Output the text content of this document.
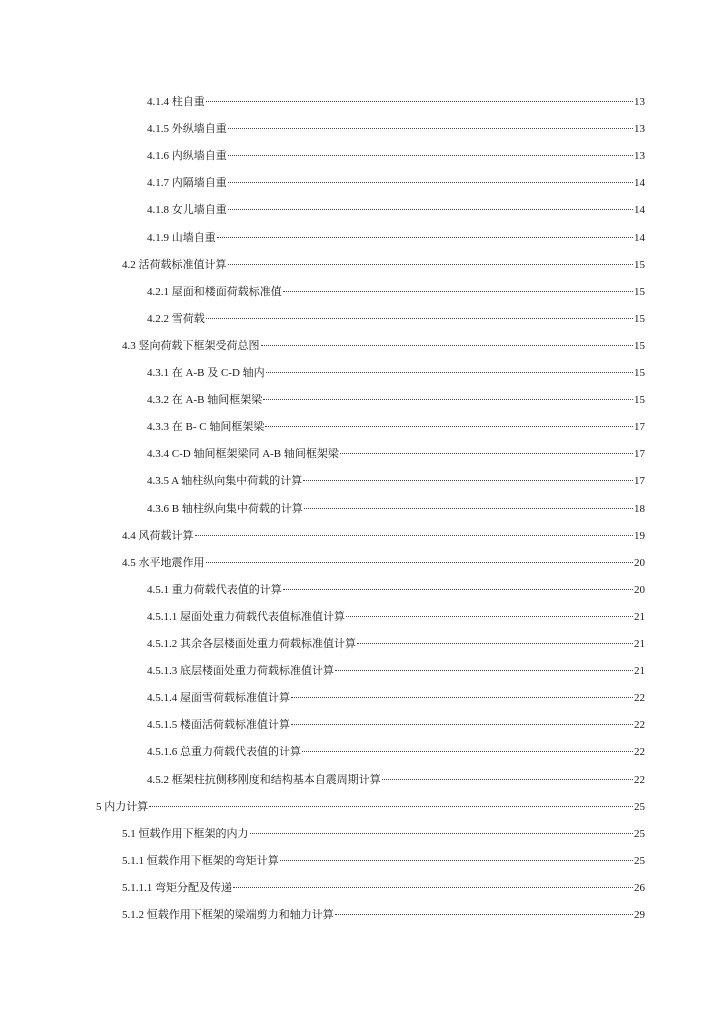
4.1.4 柱自重	13
4.1.5 外纵墙自重	13
4.1.6 内纵墙自重	13
4.1.7 内隔墙自重	14
4.1.8 女儿墙自重	14
4.1.9 山墙自重	14
4.2 活荷载标准值计算	15
4.2.1 屋面和楼面荷载标准值	15
4.2.2 雪荷载	15
4.3 竖向荷载下框架受荷总图	15
4.3.1 在 A-B 及 C-D 轴内	15
4.3.2 在 A-B 轴间框架梁	15
4.3.3 在 B- C 轴间框架梁	17
4.3.4 C-D 轴间框架梁同 A-B 轴间框架梁	17
4.3.5 A 轴柱纵向集中荷载的计算	17
4.3.6 B 轴柱纵向集中荷载的计算	18
4.4 风荷载计算	19
4.5 水平地震作用	20
4.5.1 重力荷载代表值的计算	20
4.5.1.1 屋面处重力荷载代表值标准值计算	21
4.5.1.2 其余各层楼面处重力荷载标准值计算	21
4.5.1.3 底层楼面处重力荷载标准值计算	21
4.5.1.4 屋面雪荷载标准值计算	22
4.5.1.5 楼面活荷载标准值计算	22
4.5.1.6 总重力荷载代表值的计算	22
4.5.2 框架柱抗侧移刚度和结构基本自震周期计算	22
5 内力计算	25
5.1 恒载作用下框架的内力	25
5.1.1 恒载作用下框架的弯矩计算	25
5.1.1.1 弯矩分配及传递	26
5.1.2 恒载作用下框架的梁端剪力和轴力计算	29
